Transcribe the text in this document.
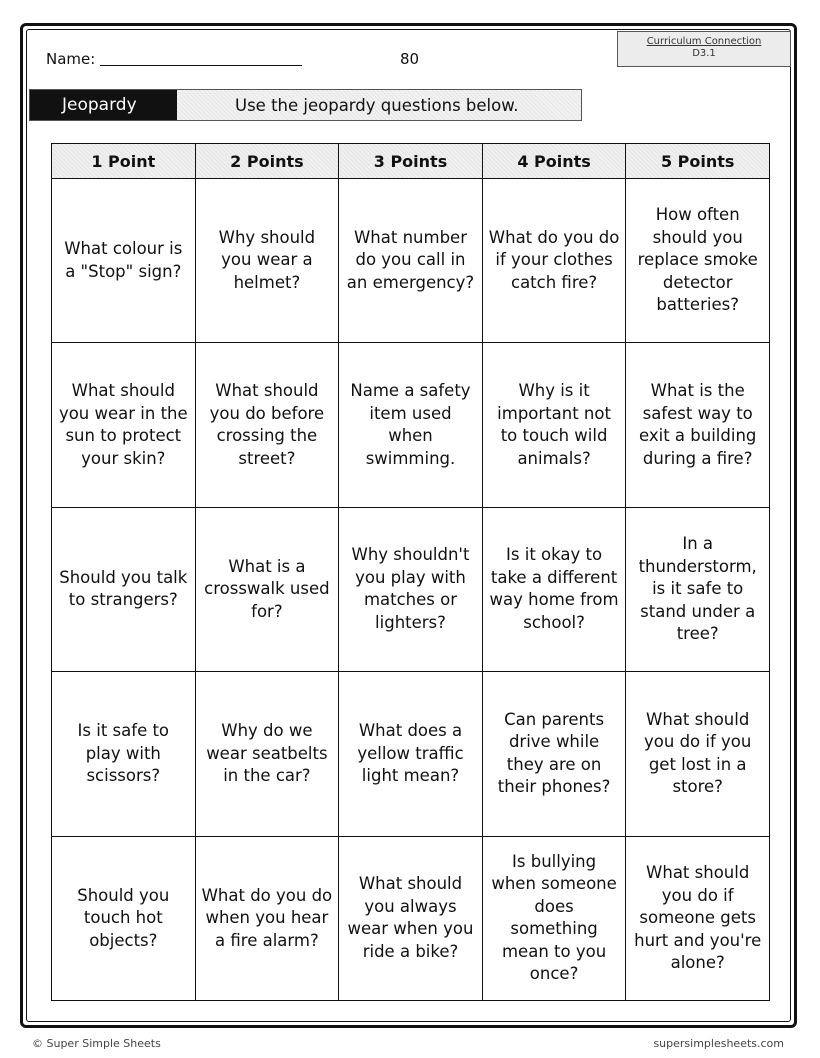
Name:	80
Curriculum Connection
D3.1
Jeopardy	Use the jeopardy questions below.
1 Point	2 Points	3 Points	4 Points	5 Points
What colour is a "Stop" sign?	Why should you wear a helmet?	What number do you call in an emergency?	What do you do if your clothes catch fire?	How often should you replace smoke detector batteries?
What should you wear in the sun to protect your skin?	What should you do before crossing the street?	Name a safety item used when swimming.	Why is it important not to touch wild animals?	What is the safest way to exit a building during a fire?
Should you talk to strangers?	What is a crosswalk used for?	Why shouldn't you play with matches or lighters?	Is it okay to take a different way home from school?	In a thunderstorm, is it safe to stand under a tree?
Is it safe to play with scissors?	Why do we wear seatbelts in the car?	What does a yellow traffic light mean?	Can parents drive while they are on their phones?	What should you do if you get lost in a store?
Should you touch hot objects?	What do you do when you hear a fire alarm?	What should you always wear when you ride a bike?	Is bullying when someone does something mean to you once?	What should you do if someone gets hurt and you're alone?
© Super Simple Sheets	supersimplesheets.com
